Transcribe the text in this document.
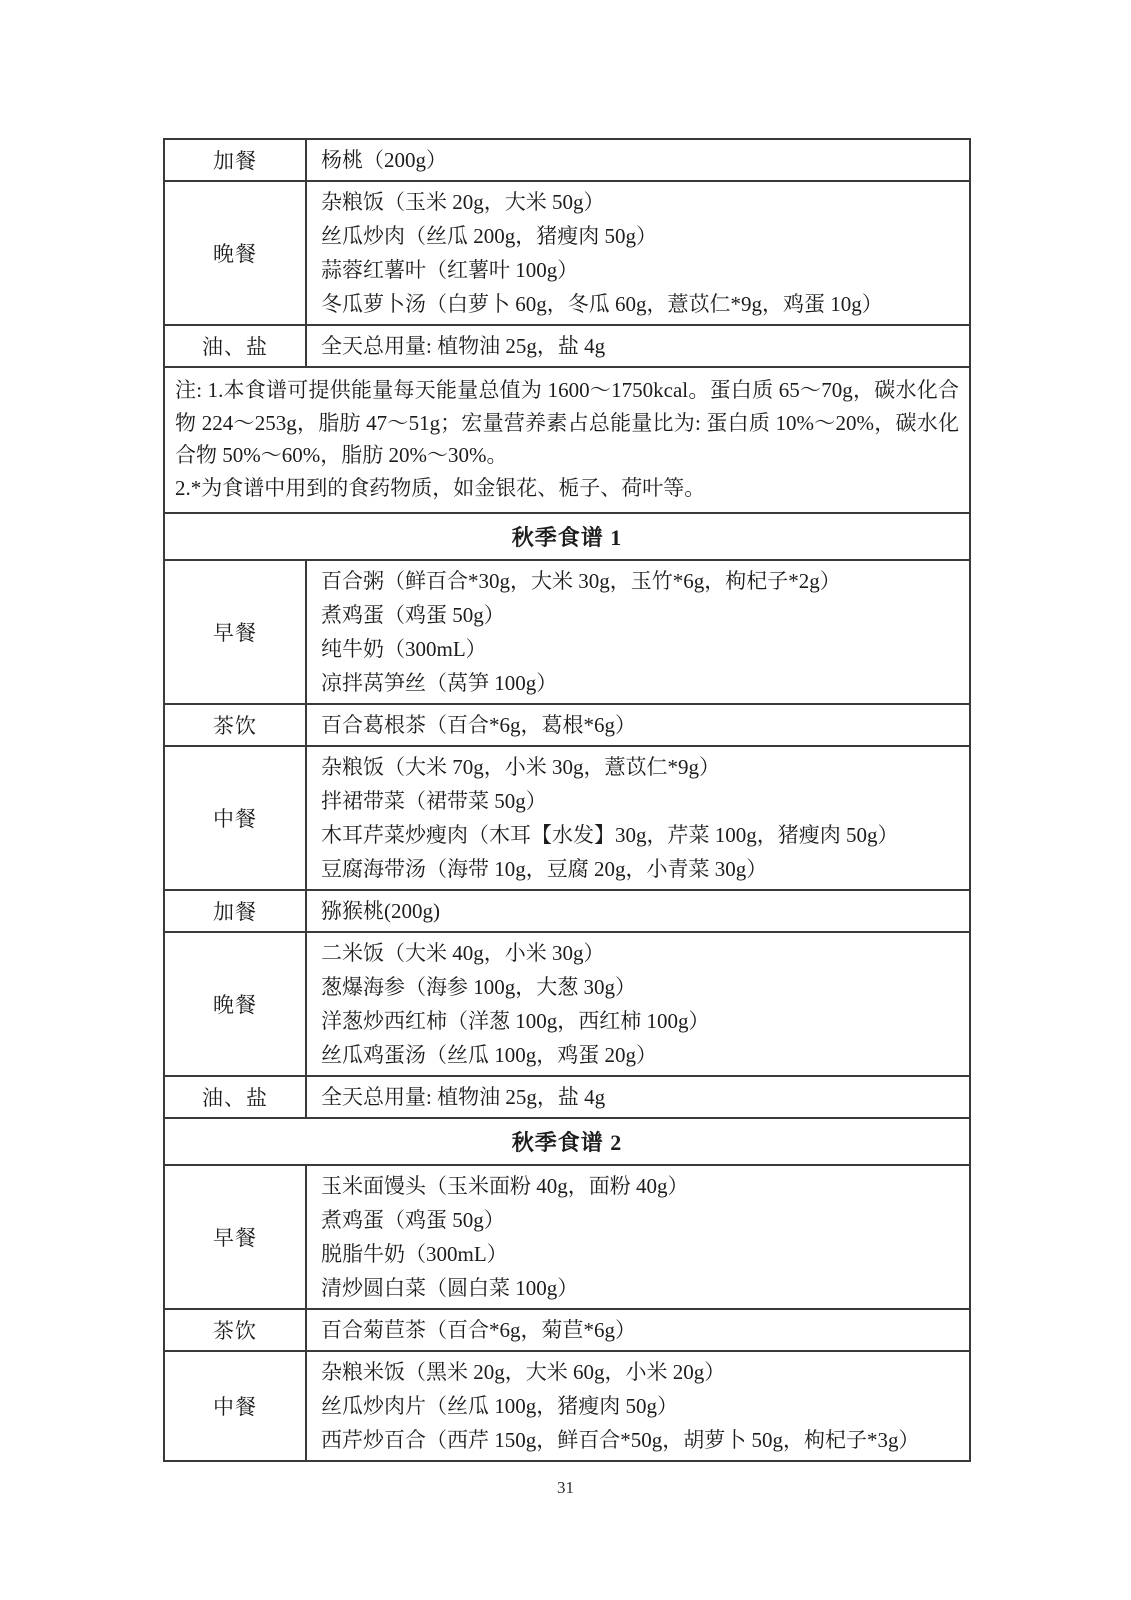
加餐	杨桃（200g）

晚餐	杂粮饭（玉米 20g，大米 50g）
丝瓜炒肉（丝瓜 200g，猪瘦肉 50g）
蒜蓉红薯叶（红薯叶 100g）
冬瓜萝卜汤（白萝卜 60g，冬瓜 60g，薏苡仁*9g，鸡蛋 10g）

油、盐	全天总用量: 植物油 25g，盐 4g

注: 1.本食谱可提供能量每天能量总值为 1600～1750kcal。蛋白质 65～70g，碳水化合物 224～253g，脂肪 47～51g；宏量营养素占总能量比为: 蛋白质 10%～20%，碳水化合物 50%～60%，脂肪 20%～30%。
2.*为食谱中用到的食药物质，如金银花、栀子、荷叶等。	

秋季食谱 1	
早餐	百合粥（鲜百合*30g，大米 30g，玉竹*6g，枸杞子*2g）
煮鸡蛋（鸡蛋 50g）
纯牛奶（300mL）
凉拌莴笋丝（莴笋 100g）

茶饮	百合葛根茶（百合*6g，葛根*6g）

中餐	杂粮饭（大米 70g，小米 30g，薏苡仁*9g）
拌裙带菜（裙带菜 50g）
木耳芹菜炒瘦肉（木耳【水发】30g，芹菜 100g，猪瘦肉 50g）
豆腐海带汤（海带 10g，豆腐 20g，小青菜 30g）

加餐	猕猴桃(200g)

晚餐	二米饭（大米 40g，小米 30g）
葱爆海参（海参 100g，大葱 30g）
洋葱炒西红柿（洋葱 100g，西红柿 100g）
丝瓜鸡蛋汤（丝瓜 100g，鸡蛋 20g）

油、盐	全天总用量: 植物油 25g，盐 4g

秋季食谱 2	
早餐	玉米面馒头（玉米面粉 40g，面粉 40g）
煮鸡蛋（鸡蛋 50g）
脱脂牛奶（300mL）
清炒圆白菜（圆白菜 100g）

茶饮	百合菊苣茶（百合*6g，菊苣*6g）

中餐	杂粮米饭（黑米 20g，大米 60g，小米 20g）
丝瓜炒肉片（丝瓜 100g，猪瘦肉 50g）
西芹炒百合（西芹 150g，鲜百合*50g，胡萝卜 50g，枸杞子*3g）
31
